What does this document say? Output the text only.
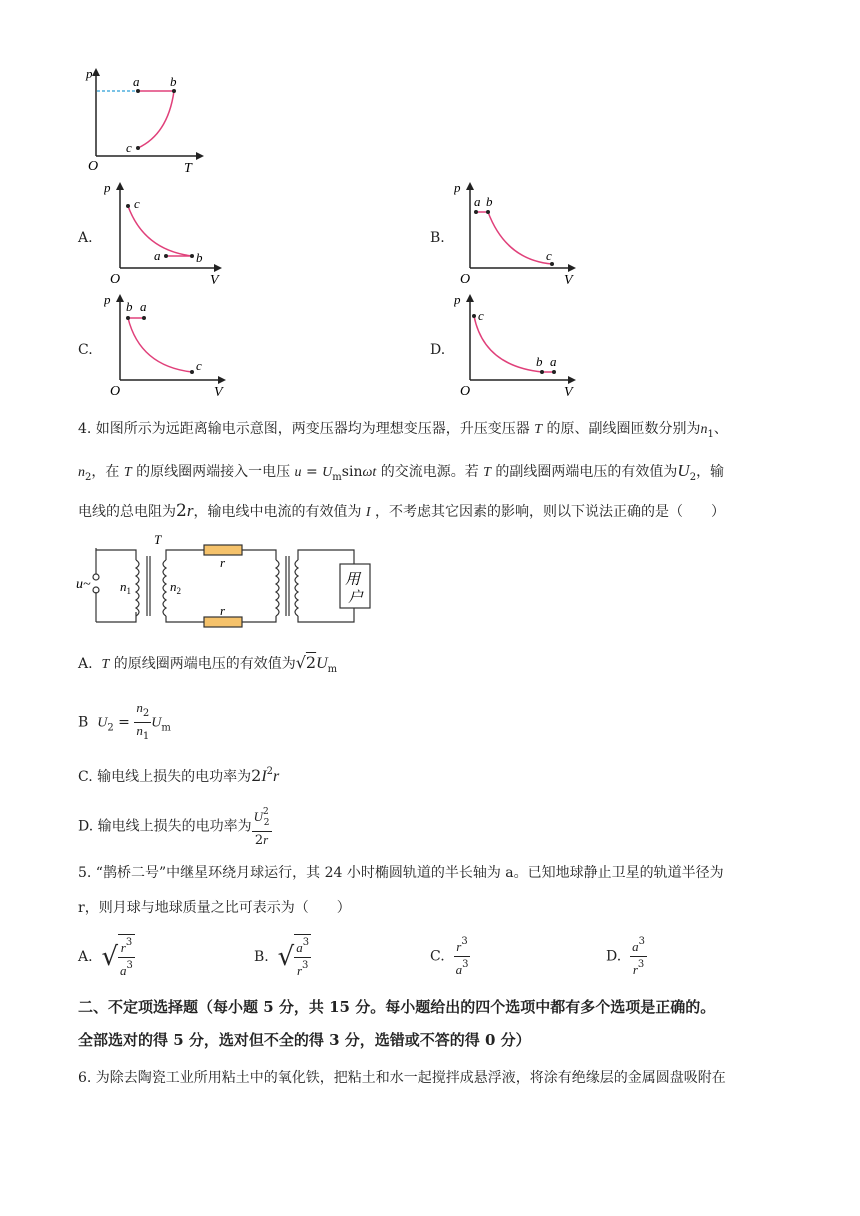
p
T
O
a b
c
A.
p
V
O
c
a	b
B.
p
V
O
a b
c
C.
p
V
O
b a
c
D.
p
V
O
c
b a
4. 如图所示为远距离输电示意图，两变压器均为理想变压器，升压变压器 T 的原、副线圈匝数分别为$n_1$、
$n_2$，在 T 的原线圈两端接入一电压 $u = U_m\sin\omega t$ 的交流电源。若 T 的副线圈两端电压的有效值为$U_2$，输
电线的总电阻为2r，输电线中电流的有效值为 I ，不考虑其它因素的影响，则以下说法正确的是（　　）
T
u~ $n_1$	$n_2$
r
r
用
户
A. T 的原线圈两端电压的有效值为$√2U_m$
B $U_2 = \frac{n_2}{n_1} U_m$
C. 输电线上损失的电功率为$2I^2r$
D. 输电线上损失的电功率为 $\frac{U^2_2}{2r}$
5. “鹊桥二号”中继星环绕月球运行，其 24 小时椭圆轨道的半长轴为 a。已知地球静止卫星的轨道半径为
r，则月球与地球质量之比可表示为（　　）
A. √ $\frac{r^3}{a^3}$	B. √ $\frac{a^3}{r^3}$	C. $\frac{r^3}{a^3}$	D. $\frac{a^3}{r^3}$
二、不定项选择题（每小题 5 分，共 15 分。每小题给出的四个选项中都有多个选项是正确的。
全部选对的得 5 分，选对但不全的得 3 分，选错或不答的得 0 分）
6. 为除去陶瓷工业所用粘土中的氧化铁，把粘土和水一起搅拌成悬浮液，将涂有绝缘层的金属圆盘吸附在
